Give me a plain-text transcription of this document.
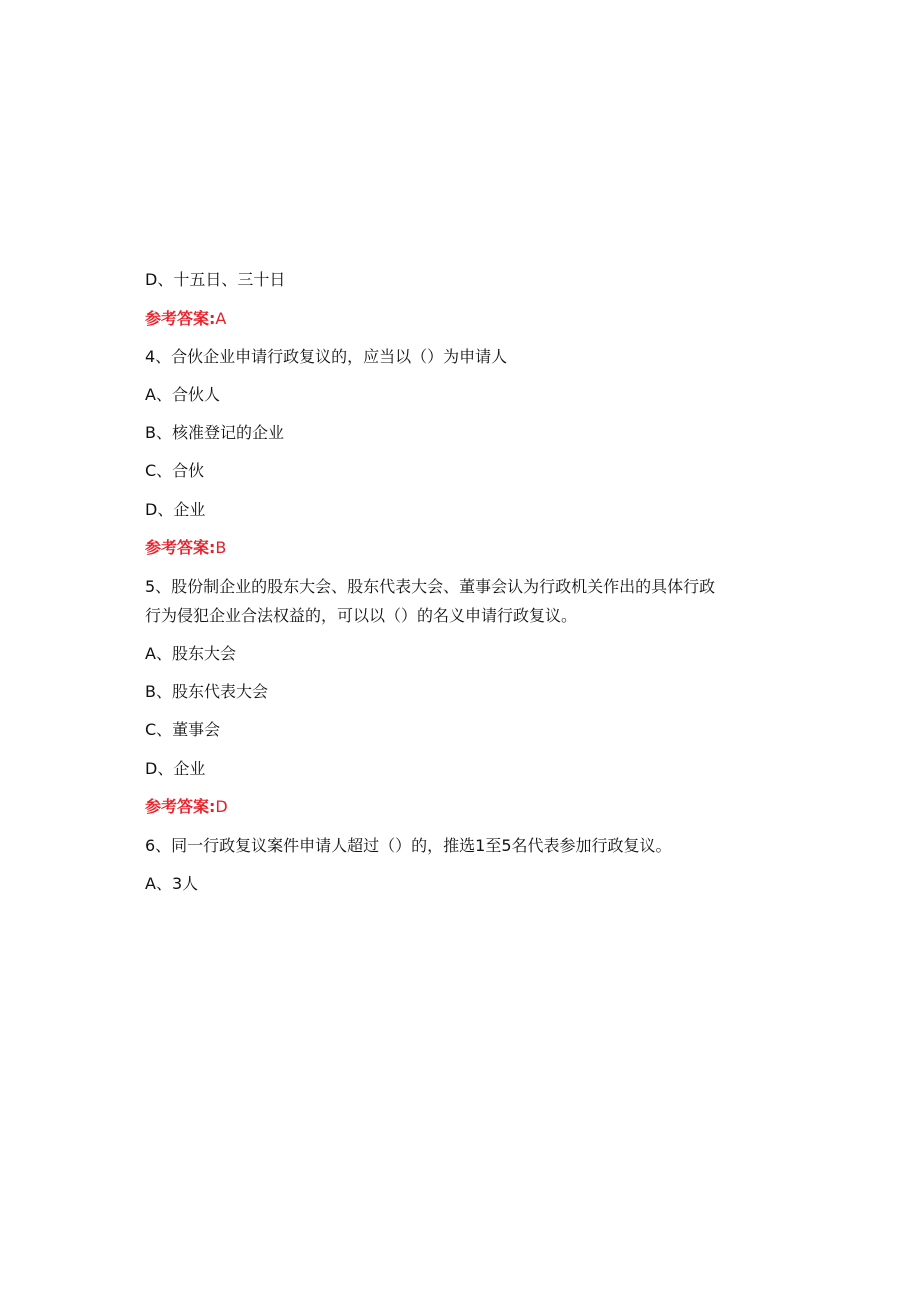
D、十五日、三十日
参考答案:A
4、合伙企业申请行政复议的，应当以（）为申请人
A、合伙人
B、核准登记的企业
C、合伙
D、企业
参考答案:B
5、股份制企业的股东大会、股东代表大会、董事会认为行政机关作出的具体行政
行为侵犯企业合法权益的，可以以（）的名义申请行政复议。
A、股东大会
B、股东代表大会
C、董事会
D、企业
参考答案:D
6、同一行政复议案件申请人超过（）的，推选1至5名代表参加行政复议。
A、3人
